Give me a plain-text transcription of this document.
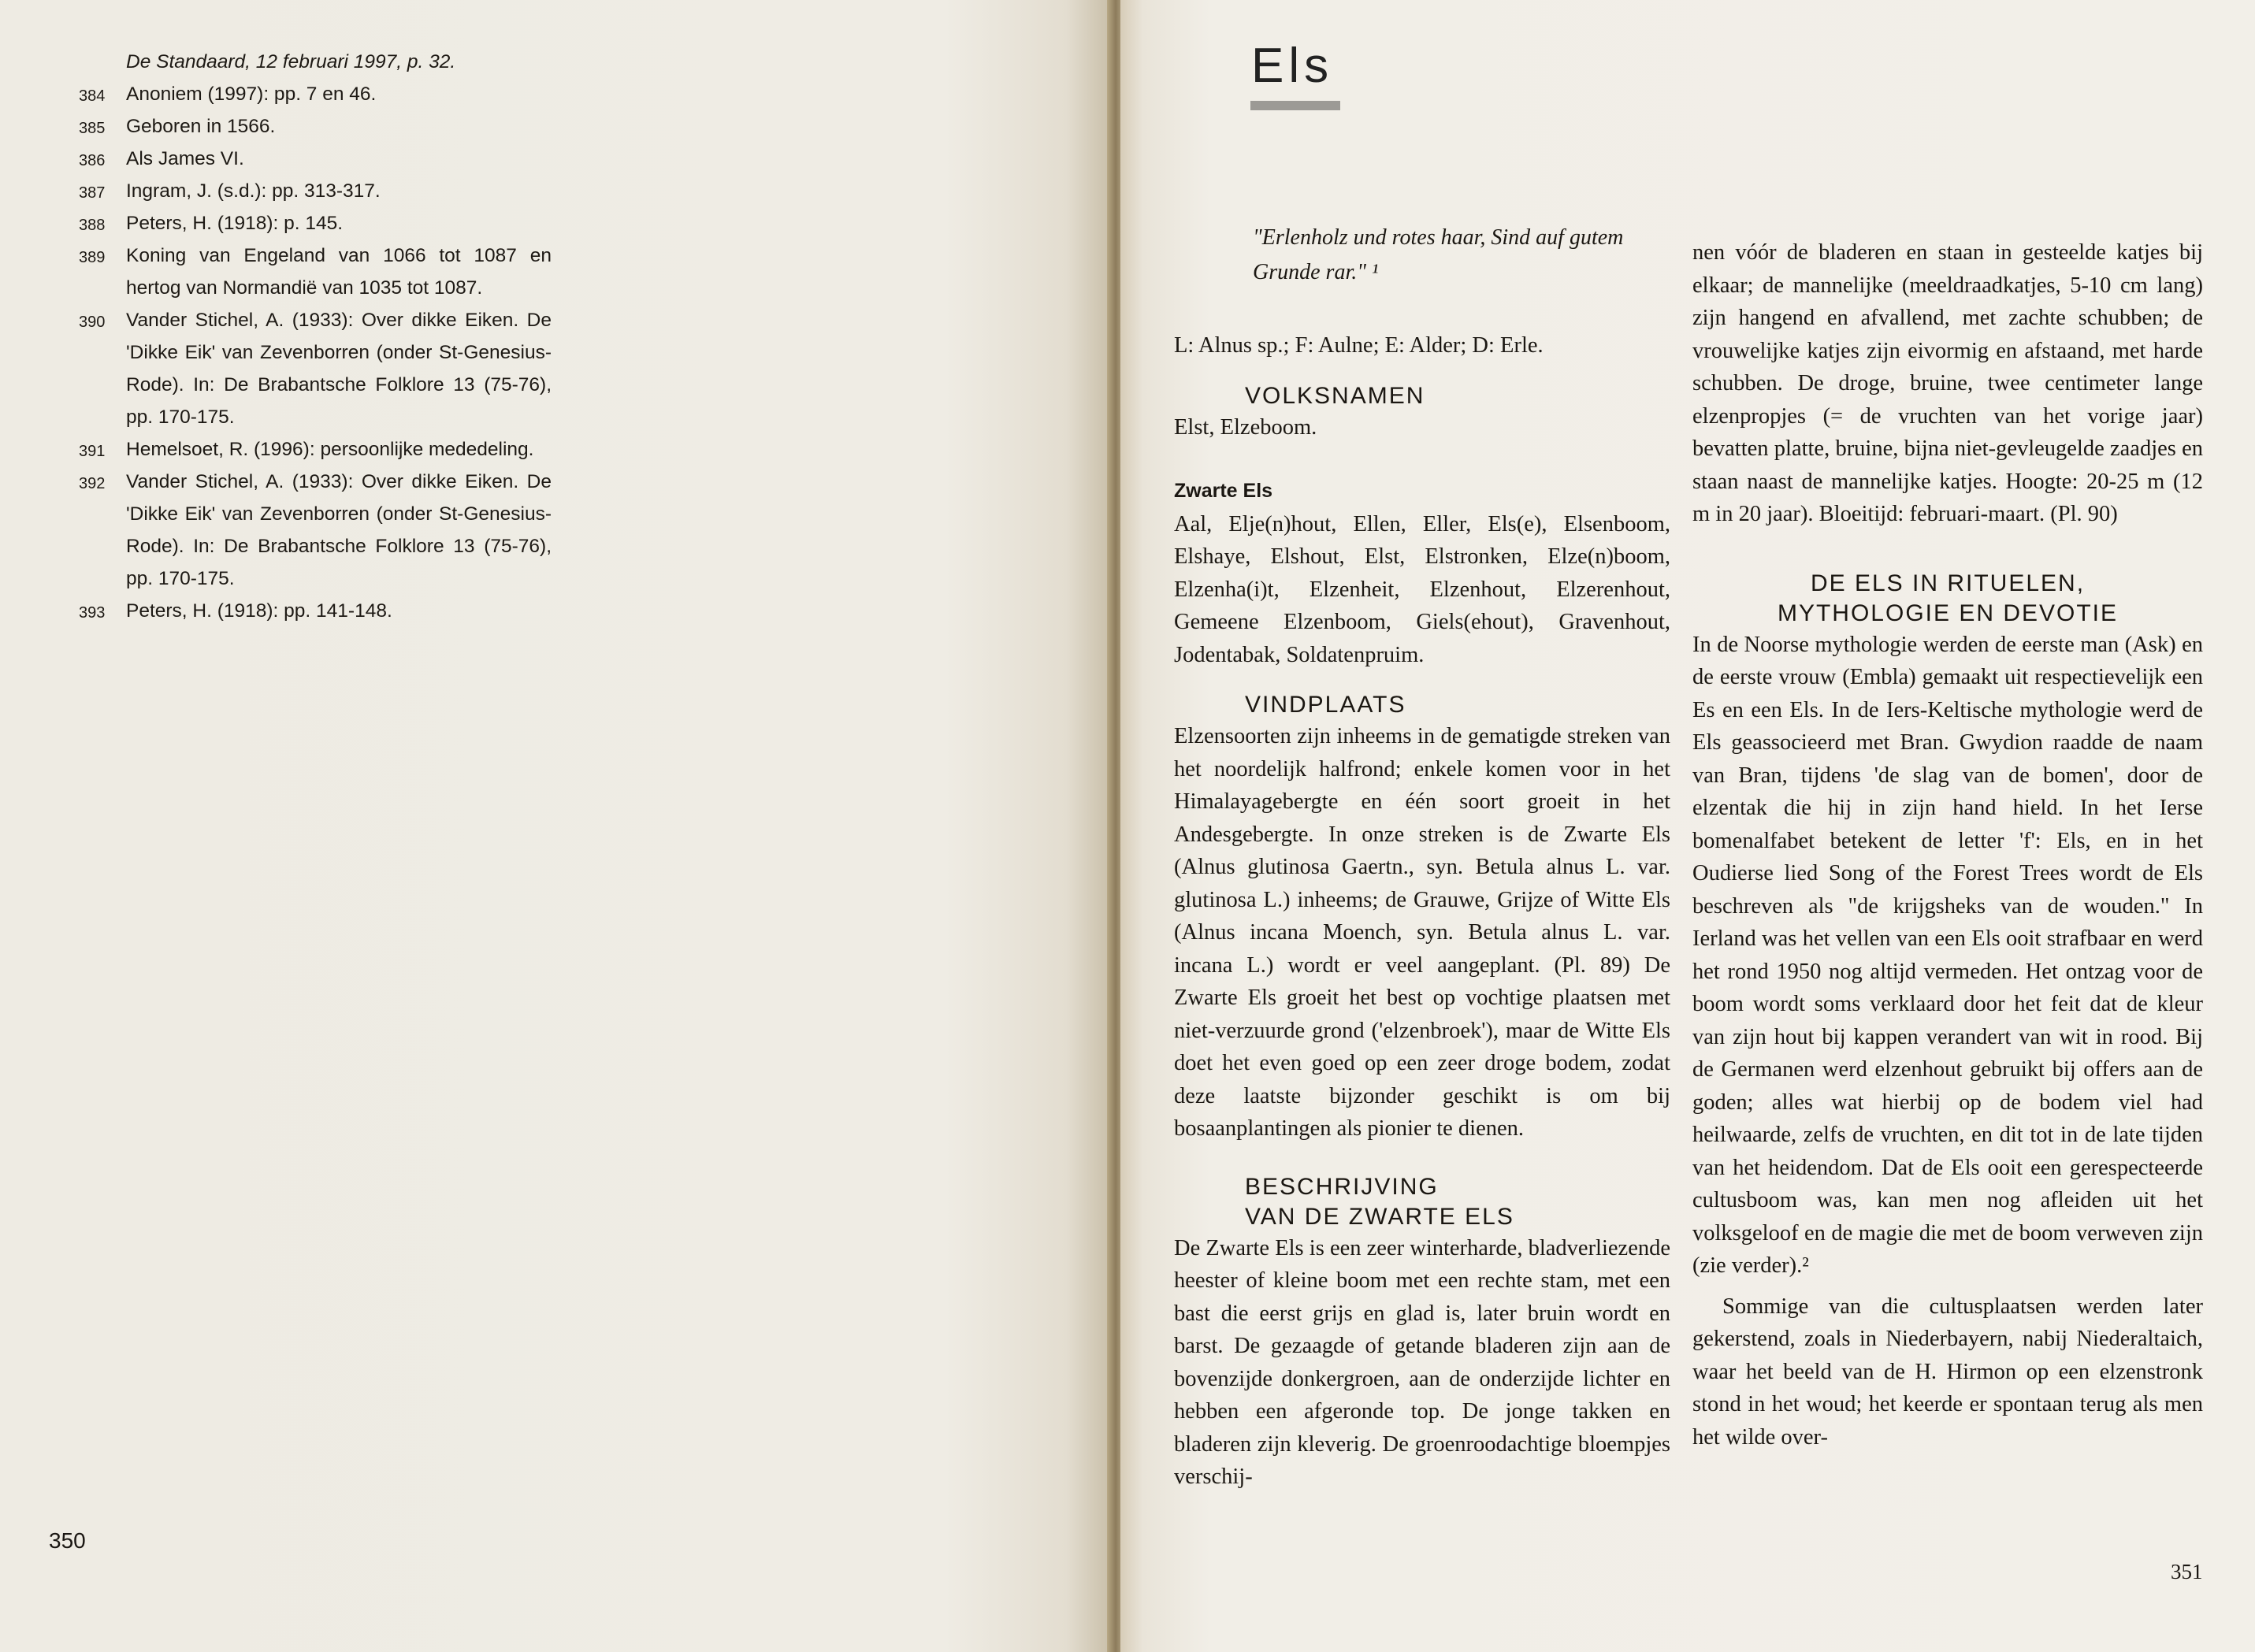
De Standaard, 12 februari 1997, p. 32.
384 Anoniem (1997): pp. 7 en 46.
385 Geboren in 1566.
386 Als James VI.
387 Ingram, J. (s.d.): pp. 313-317.
388 Peters, H. (1918): p. 145.
389 Koning van Engeland van 1066 tot 1087 en hertog van Normandië van 1035 tot 1087.
390 Vander Stichel, A. (1933): Over dikke Eiken. De 'Dikke Eik' van Zevenborren (onder St-Genesius-Rode). In: De Brabantsche Folklore 13 (75-76), pp. 170-175.
391 Hemelsoet, R. (1996): persoonlijke mededeling.
392 Vander Stichel, A. (1933): Over dikke Eiken. De 'Dikke Eik' van Zevenborren (onder St-Genesius-Rode). In: De Brabantsche Folklore 13 (75-76), pp. 170-175.
393 Peters, H. (1918): pp. 141-148.
350
Els
"Erlenholz und rotes haar, Sind auf gutem Grunde rar." ¹
L: Alnus sp.; F: Aulne; E: Alder; D: Erle.
VOLKSNAMEN
Elst, Elzeboom.
Zwarte Els
Aal, Elje(n)hout, Ellen, Eller, Els(e), Elsenboom, Elshaye, Elshout, Elst, Elstronken, Elze(n)boom, Elzenha(i)t, Elzenheit, Elzenhout, Elzerenhout, Gemeene Elzenboom, Giels(ehout), Gravenhout, Jodentabak, Soldatenpruim.
VINDPLAATS
Elzensoorten zijn inheems in de gematigde streken van het noordelijk halfrond; enkele komen voor in het Himalayagebergte en één soort groeit in het Andesgebergte. In onze streken is de Zwarte Els (Alnus glutinosa Gaertn., syn. Betula alnus L. var. glutinosa L.) inheems; de Grauwe, Grijze of Witte Els (Alnus incana Moench, syn. Betula alnus L. var. incana L.) wordt er veel aangeplant. (Pl. 89) De Zwarte Els groeit het best op vochtige plaatsen met niet-verzuurde grond ('elzenbroek'), maar de Witte Els doet het even goed op een zeer droge bodem, zodat deze laatste bijzonder geschikt is om bij bosaanplantingen als pionier te dienen.
BESCHRIJVING
VAN DE ZWARTE ELS
De Zwarte Els is een zeer winterharde, bladverliezende heester of kleine boom met een rechte stam, met een bast die eerst grijs en glad is, later bruin wordt en barst. De gezaagde of getande bladeren zijn aan de bovenzijde donkergroen, aan de onderzijde lichter en hebben een afgeronde top. De jonge takken en bladeren zijn kleverig. De groenroodachtige bloempjes verschij-
nen vóór de bladeren en staan in gesteelde katjes bij elkaar; de mannelijke (meeldraadkatjes, 5-10 cm lang) zijn hangend en afvallend, met zachte schubben; de vrouwelijke katjes zijn eivormig en afstaand, met harde schubben. De droge, bruine, twee centimeter lange elzenpropjes (= de vruchten van het vorige jaar) bevatten platte, bruine, bijna niet-gevleugelde zaadjes en staan naast de mannelijke katjes. Hoogte: 20-25 m (12 m in 20 jaar). Bloeitijd: februari-maart. (Pl. 90)
DE ELS IN RITUELEN,
MYTHOLOGIE EN DEVOTIE
In de Noorse mythologie werden de eerste man (Ask) en de eerste vrouw (Embla) gemaakt uit respectievelijk een Es en een Els. In de Iers-Keltische mythologie werd de Els geassocieerd met Bran. Gwydion raadde de naam van Bran, tijdens 'de slag van de bomen', door de elzentak die hij in zijn hand hield. In het Ierse bomenalfabet betekent de letter 'f': Els, en in het Oudierse lied Song of the Forest Trees wordt de Els beschreven als "de krijgsheks van de wouden." In Ierland was het vellen van een Els ooit strafbaar en werd het rond 1950 nog altijd vermeden. Het ontzag voor de boom wordt soms verklaard door het feit dat de kleur van zijn hout bij kappen verandert van wit in rood. Bij de Germanen werd elzenhout gebruikt bij offers aan de goden; alles wat hierbij op de bodem viel had heilwaarde, zelfs de vruchten, en dit tot in de late tijden van het heidendom. Dat de Els ooit een gerespecteerde cultusboom was, kan men nog afleiden uit het volksgeloof en de magie die met de boom verweven zijn (zie verder).²
Sommige van die cultusplaatsen werden later gekerstend, zoals in Niederbayern, nabij Niederaltaich, waar het beeld van de H. Hirmon op een elzenstronk stond in het woud; het keerde er spontaan terug als men het wilde over-
351
